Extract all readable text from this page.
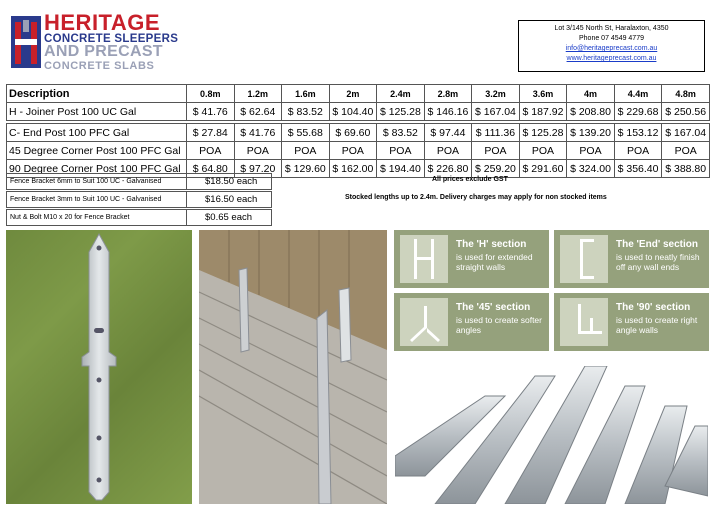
HERITAGE
CONCRETE SLEEPERS
AND PRECAST
CONCRETE SLABS
Lot 3/145 North St, Haralaxton, 4350
Phone 07 4549 4779
info@heritageprecast.com.au
www.heritageprecast.com.au
Description	0.8m	1.2m	1.6m	2m	2.4m	2.8m	3.2m	3.6m	4m	4.4m	4.8m
H - Joiner Post 100 UC Gal	$ 41.76	$ 62.64	$ 83.52	$ 104.40	$ 125.28	$ 146.16	$ 167.04	$ 187.92	$ 208.80	$ 229.68	$ 250.56

C- End Post 100 PFC Gal	$ 27.84	$ 41.76	$ 55.68	$ 69.60	$ 83.52	$ 97.44	$ 111.36	$ 125.28	$ 139.20	$ 153.12	$ 167.04
45 Degree Corner Post 100 PFC Gal	POA	POA	POA	POA	POA	POA	POA	POA	POA	POA	POA
90 Degree Corner Post 100 PFC Gal	$ 64.80	$ 97.20	$ 129.60	$ 162.00	$ 194.40	$ 226.80	$ 259.20	$ 291.60	$ 324.00	$ 356.40	$ 388.80
Fence Bracket 6mm to Suit 100 UC - Galvanised	$18.50 each

Fence Bracket 3mm to Suit 100 UC - Galvanised	$16.50 each

Nut & Bolt M10 x 20 for Fence Bracket	$0.65 each
All prices exclude GST
Stocked lengths up to 2.4m. Delivery charges may apply for non stocked items
The 'H' section
is used for extended straight walls
The 'End' section
is used to neatly finish off any wall ends
The '45' section
is used to create softer angles
The '90' section
is used to create right angle walls
